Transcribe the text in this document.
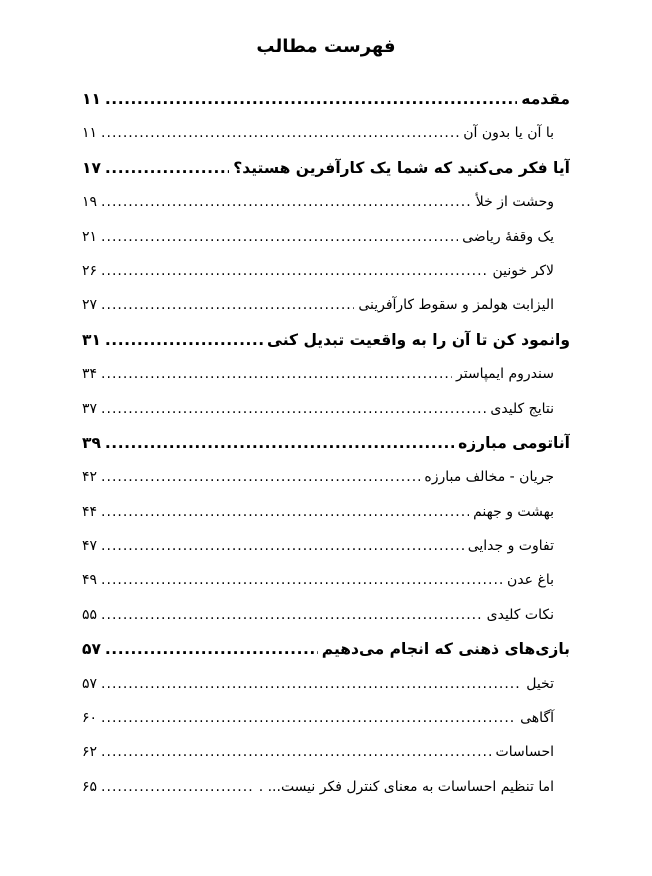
فهرست مطالب
مقدمه
.....
۱۱
با آن یا بدون آن
.....
۱۱
آیا فکر می‌کنید که شما یک کارآفرین هستید؟
.....
۱۷
وحشت از خلأ
.....
۱۹
یک وقفهٔ ریاضی
.....
۲۱
لاکر خونین
.....
۲۶
الیزابت هولمز و سقوط کارآفرینی
.....
۲۷
وانمود کن تا آن را به واقعیت تبدیل کنی
.....
۳۱
سندروم ایمپاستر
.....
۳۴
نتایج کلیدی
.....
۳۷
آناتومی مبارزه
.....
۳۹
جریان - مخالف مبارزه
.....
۴۲
بهشت و جهنم
.....
۴۴
تفاوت و جدایی
.....
۴۷
باغ عدن
.....
۴۹
نکات کلیدی
.....
۵۵
بازی‌های ذهنی که انجام می‌دهیم
.....
۵۷
تخیل
.....
۵۷
آگاهی
.....
۶۰
احساسات
.....
۶۲
اما تنظیم احساسات به معنای کنترل فکر نیست... .
.....
۶۵
